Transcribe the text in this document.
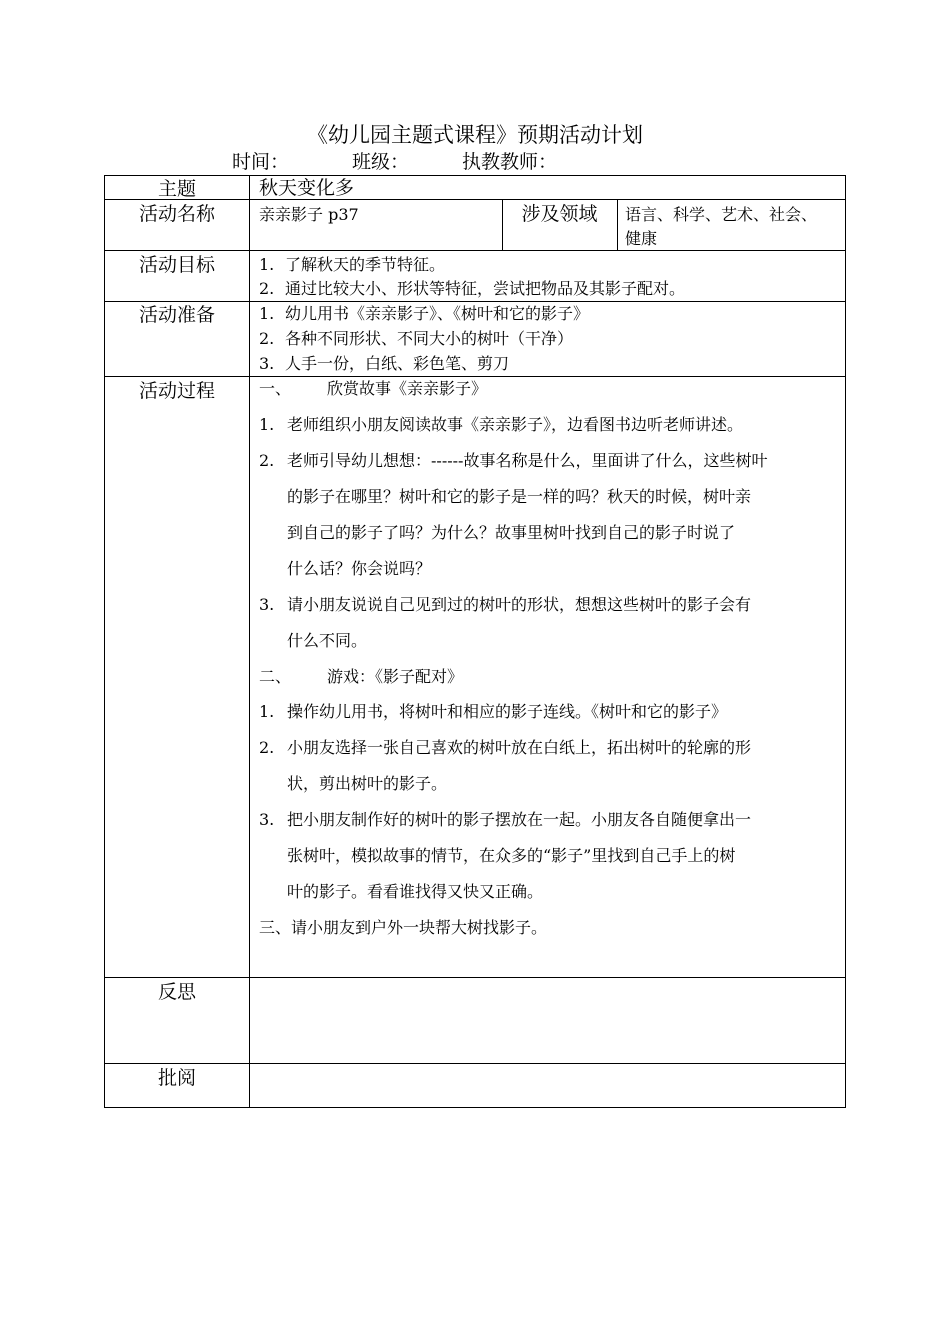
《幼儿园主题式课程》预期活动计划
时间：	班级：	执教教师：
主题	秋天变化多
活动名称	亲亲影子 p37	涉及领域	语言、科学、艺术、社会、
健康
活动目标	1. 了解秋天的季节特征。
2. 通过比较大小、形状等特征，尝试把物品及其影子配对。
活动准备	1. 幼儿用书《亲亲影子》、《树叶和它的影子》
2. 各种不同形状、不同大小的树叶（干净）
3. 人手一份，白纸、彩色笔、剪刀
活动过程	一、 欣赏故事《亲亲影子》
1. 老师组织小朋友阅读故事《亲亲影子》，边看图书边听老师讲述。
2. 老师引导幼儿想想：------故事名称是什么，里面讲了什么，这些树叶
的影子在哪里？树叶和它的影子是一样的吗？秋天的时候，树叶亲
到自己的影子了吗？为什么？故事里树叶找到自己的影子时说了
什么话？你会说吗？
3. 请小朋友说说自己见到过的树叶的形状，想想这些树叶的影子会有
什么不同。
二、 游戏：《影子配对》
1. 操作幼儿用书，将树叶和相应的影子连线。《树叶和它的影子》
2. 小朋友选择一张自己喜欢的树叶放在白纸上，拓出树叶的轮廓的形
状，剪出树叶的影子。
3. 把小朋友制作好的树叶的影子摆放在一起。小朋友各自随便拿出一
张树叶，模拟故事的情节，在众多的“影子”里找到自己手上的树
叶的影子。看看谁找得又快又正确。
三、请小朋友到户外一块帮大树找影子。
反思
批阅
